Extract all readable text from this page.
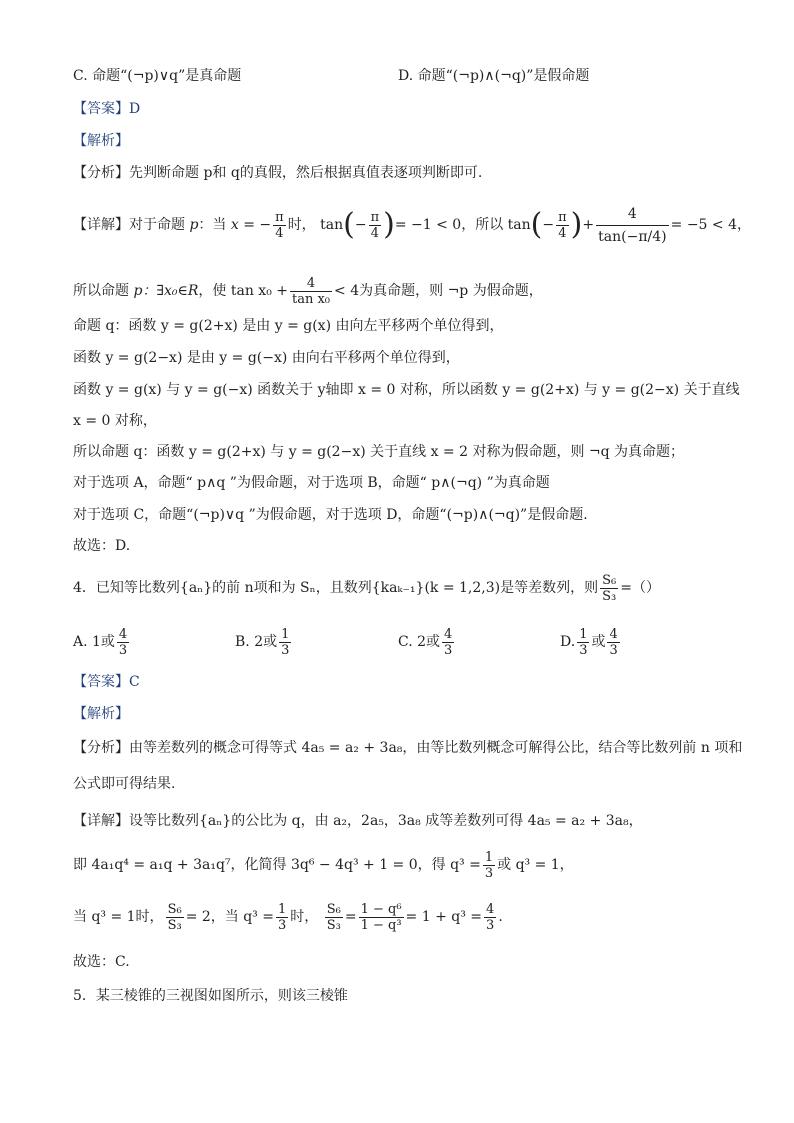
C. 命题“(¬p)∨q”是真命题	D. 命题“(¬p)∧(¬q)”是假命题
【答案】D
【解析】
【分析】先判断命题 p和 q的真假，然后根据真值表逐项判断即可.
【详解】对于命题 p：当 x = − $\frac{\pi}{4}$ 时， $\tan(- \frac{\pi}{4}$ )= −1 < 0，所以 $\tan(- \frac{\pi}{4}$ )+ $\frac{4}{\tan(-\pi/4)} = -5 < 4$，
所以命题 p：∃x₀∈R，使 $\tan x_0 + \frac{4}{\text{tan x₀}} < 4$为真命题，则 ¬p 为假命题，
命题 q：函数 y = g(2+x) 是由 y = g(x) 由向左平移两个单位得到，
函数 y = g(2−x) 是由 y = g(−x) 由向右平移两个单位得到，
函数 y = g(x) 与 y = g(−x) 函数关于 y轴即 x = 0 对称，所以函数 y = g(2+x) 与 y = g(2−x) 关于直线
x = 0 对称，
所以命题 q：函数 y = g(2+x) 与 y = g(2−x) 关于直线 x = 2 对称为假命题，则 ¬q 为真命题；
对于选项 A，命题“ p∧q ”为假命题，对于选项 B，命题“ p∧(¬q) ”为真命题
对于选项 C，命题“(¬p)∨q ”为假命题，对于选项 D，命题“(¬p)∧(¬q)”是假命题.
故选：D.
4．已知等比数列{aₙ}的前 n项和为 Sₙ，且数列{kaₖ₋₁}(k = 1,2,3)是等差数列，则 $\frac{\text{S₆}}{\text{S₃}}$ =（）
A. 1或 $\frac{4}{3}$	B. 2或 $\frac{1}{3}$	C. 2或 $\frac{4}{3}$	D. $\frac{1}{3}$ 或 $\frac{4}{3}$
【答案】C
【解析】
【分析】由等差数列的概念可得等式 4a₅ = a₂ + 3a₈，由等比数列概念可解得公比，结合等比数列前 n 项和
公式即可得结果.
【详解】设等比数列{aₙ}的公比为 q，由 a₂，2a₅，3a₈ 成等差数列可得 4a₅ = a₂ + 3a₈，
即 4a₁q⁴ = a₁q + 3a₁q⁷，化简得 3q⁶ − 4q³ + 1 = 0，得 $q^3 = \frac{1}{3}$ 或 q³ = 1，
当 q³ = 1时， $\frac{\text{S₆}}{\text{S₃}} = 2$，当 $q^3 = \frac{1}{3}$ 时， $\frac{\text{S₆}}{\text{S₃}} = \frac{\text{1 − q⁶}}{\text{1 − q³}} = 1 + q^3 = \frac{4}{3}$ .
故选：C.
5．某三棱锥的三视图如图所示，则该三棱锥
